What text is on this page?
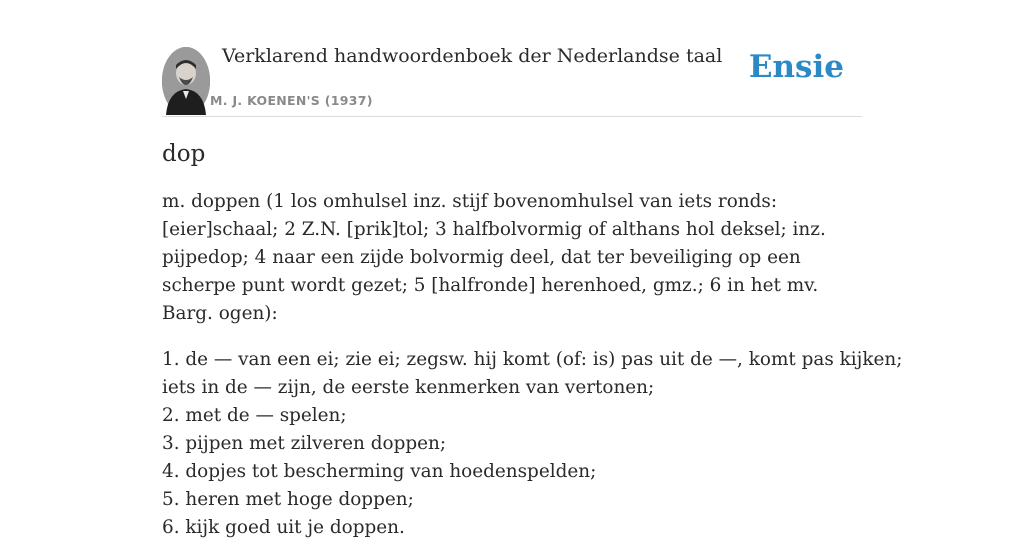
Verklarend handwoordenboek der Nederlandse taal
M. J. KOENEN'S (1937)
Ensie
dop

m. doppen (1 los omhulsel inz. stijf bovenomhulsel van iets ronds: [eier]schaal; 2 Z.N. [prik]tol; 3 halfbolvormig of althans hol deksel; inz. pijpedop; 4 naar een zijde bolvormig deel, dat ter beveiliging op een scherpe punt wordt gezet; 5 [halfronde] herenhoed, gmz.; 6 in het mv. Barg. ogen):

1. de — van een ei; zie ei; zegsw. hij komt (of: is) pas uit de —, komt pas kijken;
iets in de — zijn, de eerste kenmerken van vertonen;
2. met de — spelen;
3. pijpen met zilveren doppen;
4. dopjes tot bescherming van hoedenspelden;
5. heren met hoge doppen;
6. kijk goed uit je doppen.
